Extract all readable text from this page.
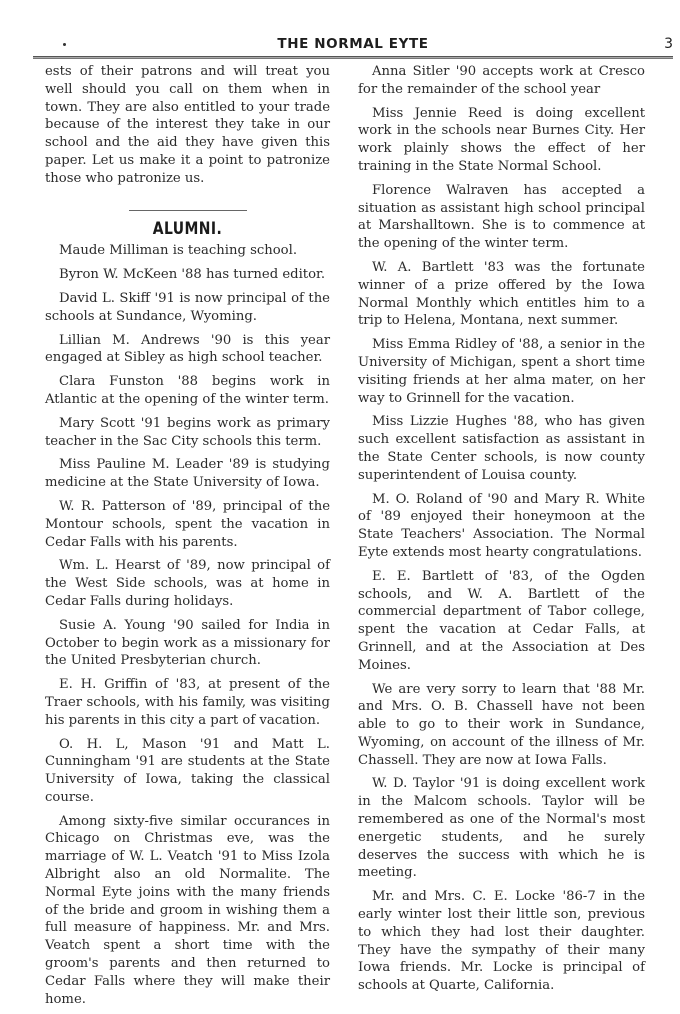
THE NORMAL EYTE	3

ests of their patrons and will treat you well should you call on them when in town. They are also entitled to your trade because of the interest they take in our school and the aid they have given this paper. Let us make it a point to patronize those who patronize us.

ALUMNI.

Maude Milliman is teaching school.

Byron W. McKeen '88 has turned editor.

David L. Skiff '91 is now principal of the schools at Sundance, Wyoming.

Lillian M. Andrews '90 is this year engaged at Sibley as high school teacher.

Clara Funston '88 begins work in Atlantic at the opening of the winter term.

Mary Scott '91 begins work as primary teacher in the Sac City schools this term.

Miss Pauline M. Leader '89 is studying medicine at the State University of Iowa.

W. R. Patterson of '89, principal of the Montour schools, spent the vacation in Cedar Falls with his parents.

Wm. L. Hearst of '89, now principal of the West Side schools, was at home in Cedar Falls during holidays.

Susie A. Young '90 sailed for India in October to begin work as a missionary for the United Presbyterian church.

E. H. Griffin of '83, at present of the Traer schools, with his family, was visiting his parents in this city a part of vacation.

O. H. L, Mason '91 and Matt L. Cunningham '91 are students at the State University of Iowa, taking the classical course.

Among sixty-five similar occurances in Chicago on Christmas eve, was the marriage of W. L. Veatch '91 to Miss Izola Albright also an old Normalite. The Normal Eyte joins with the many friends of the bride and groom in wishing them a full measure of happiness. Mr. and Mrs. Veatch spent a short time with the groom's parents and then returned to Cedar Falls where they will make their home.

Anna Sitler '90 accepts work at Cresco for the remainder of the school year

Miss Jennie Reed is doing excellent work in the schools near Burnes City. Her work plainly shows the effect of her training in the State Normal School.

Florence Walraven has accepted a situation as assistant high school principal at Marshalltown. She is to commence at the opening of the winter term.

W. A. Bartlett '83 was the fortunate winner of a prize offered by the Iowa Normal Monthly which entitles him to a trip to Helena, Montana, next summer.

Miss Emma Ridley of '88, a senior in the University of Michigan, spent a short time visiting friends at her alma mater, on her way to Grinnell for the vacation.

Miss Lizzie Hughes '88, who has given such excellent satisfaction as assistant in the State Center schools, is now county superintendent of Louisa county.

M. O. Roland of '90 and Mary R. White of '89 enjoyed their honeymoon at the State Teachers' Association. The Normal Eyte extends most hearty congratulations.

E. E. Bartlett of '83, of the Ogden schools, and W. A. Bartlett of the commercial department of Tabor college, spent the vacation at Cedar Falls, at Grinnell, and at the Association at Des Moines.

We are very sorry to learn that '88 Mr. and Mrs. O. B. Chassell have not been able to go to their work in Sundance, Wyoming, on account of the illness of Mr. Chassell. They are now at Iowa Falls.

W. D. Taylor '91 is doing excellent work in the Malcom schools. Taylor will be remembered as one of the Normal's most energetic students, and he surely deserves the success with which he is meeting.

Mr. and Mrs. C. E. Locke '86-7 in the early winter lost their little son, previous to which they had lost their daughter. They have the sympathy of their many Iowa friends. Mr. Locke is principal of schools at Quarte, California.
